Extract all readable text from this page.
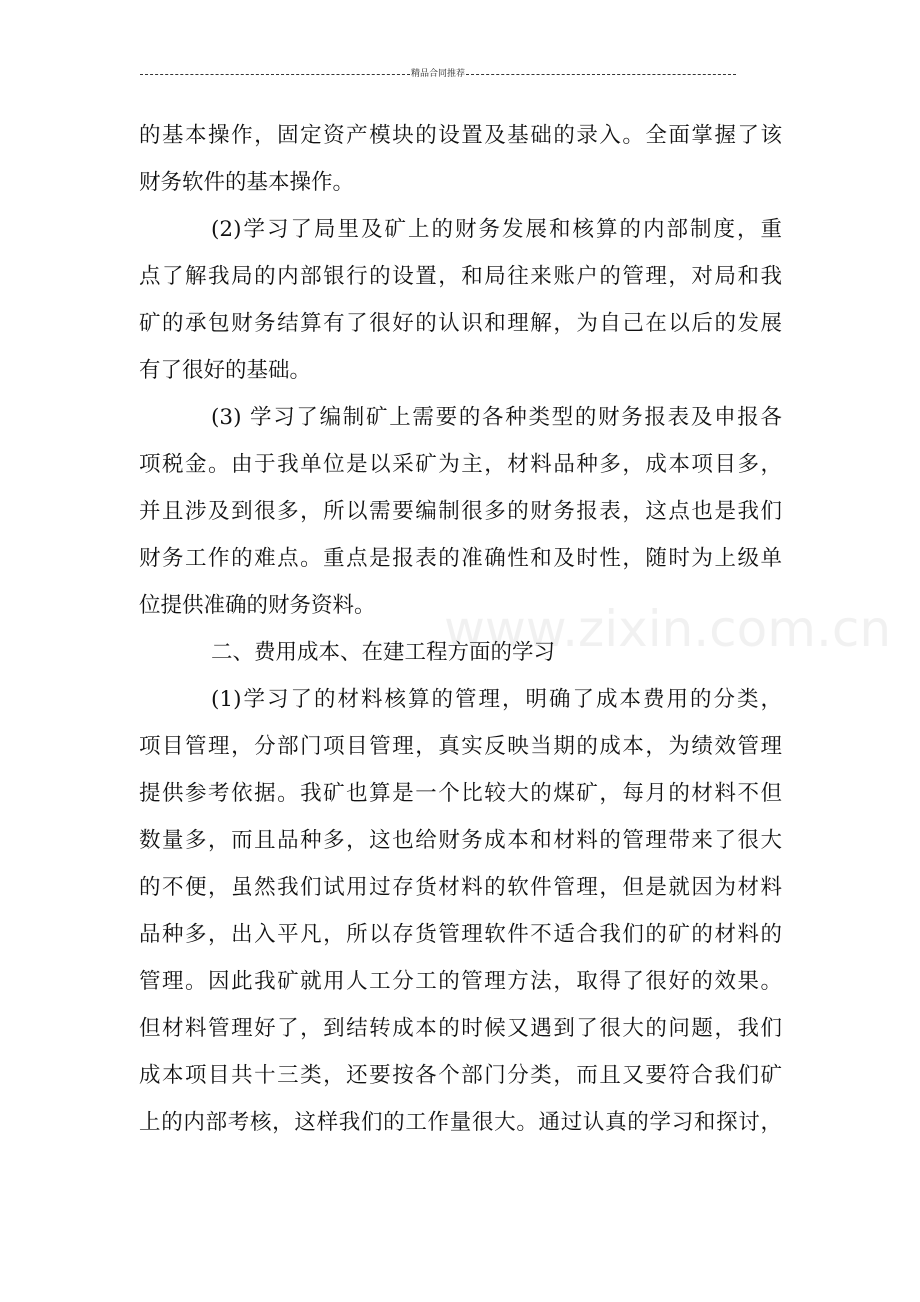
精品合同推荐
www.zixin.com.cn
的基本操作，固定资产模块的设置及基础的录入。全面掌握了该
财务软件的基本操作。
(2)学习了局里及矿上的财务发展和核算的内部制度，重
点了解我局的内部银行的设置，和局往来账户的管理，对局和我
矿的承包财务结算有了很好的认识和理解，为自己在以后的发展
有了很好的基础。
(3) 学习了编制矿上需要的各种类型的财务报表及申报各
项税金。由于我单位是以采矿为主，材料品种多，成本项目多，
并且涉及到很多，所以需要编制很多的财务报表，这点也是我们
财务工作的难点。重点是报表的准确性和及时性，随时为上级单
位提供准确的财务资料。
二、费用成本、在建工程方面的学习
(1)学习了的材料核算的管理，明确了成本费用的分类，
项目管理，分部门项目管理，真实反映当期的成本，为绩效管理
提供参考依据。我矿也算是一个比较大的煤矿，每月的材料不但
数量多，而且品种多，这也给财务成本和材料的管理带来了很大
的不便，虽然我们试用过存货材料的软件管理，但是就因为材料
品种多，出入平凡，所以存货管理软件不适合我们的矿的材料的
管理。因此我矿就用人工分工的管理方法，取得了很好的效果。
但材料管理好了，到结转成本的时候又遇到了很大的问题，我们
成本项目共十三类，还要按各个部门分类，而且又要符合我们矿
上的内部考核，这样我们的工作量很大。通过认真的学习和探讨，
